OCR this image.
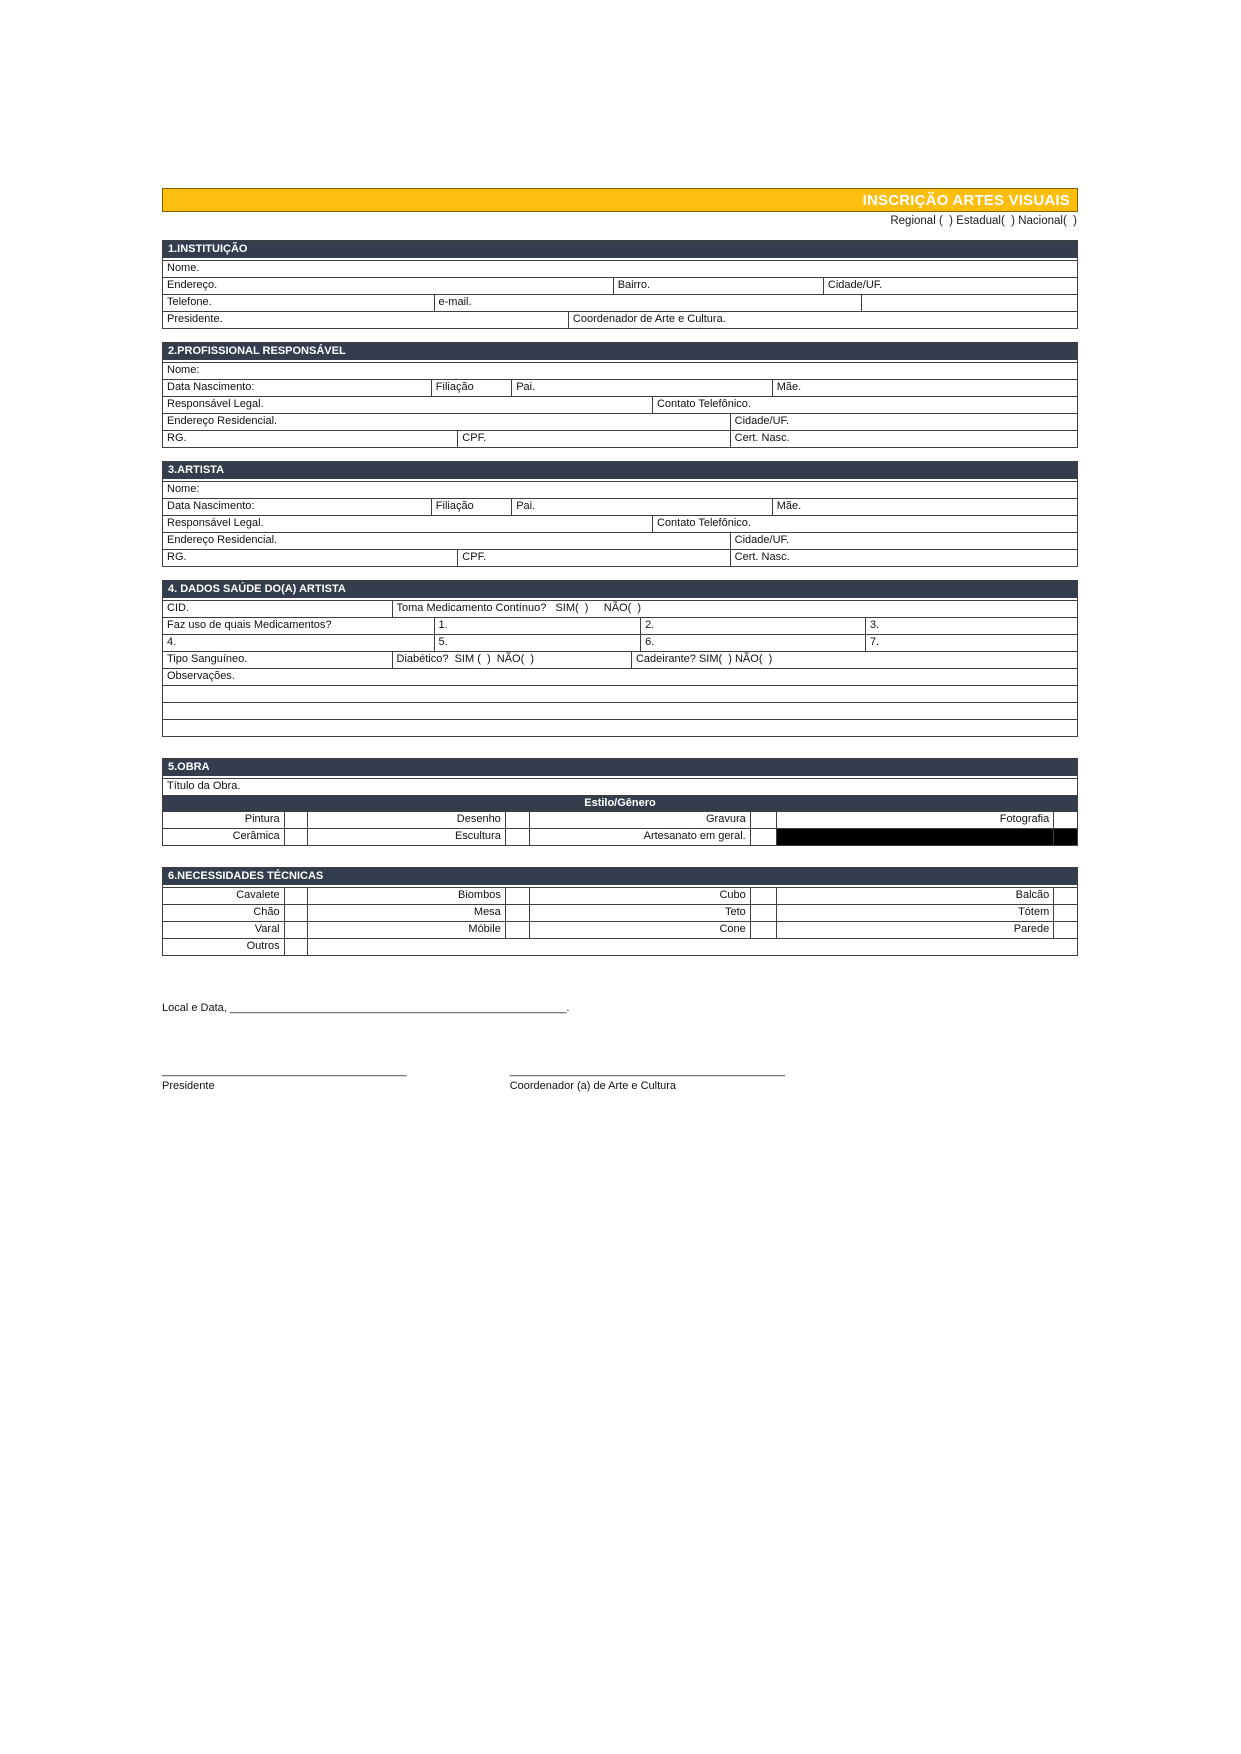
INSCRIÇÃO ARTES VISUAIS
Regional (  ) Estadual(  ) Nacional(  )
1.INSTITUIÇÃO
Nome.
Endereço.	Bairro.	Cidade/UF.
Telefone.	e-mail.
Presidente.	Coordenador de Arte e Cultura.
2.PROFISSIONAL RESPONSÁVEL
Nome:
Data Nascimento:	Filiação	Pai.	Mãe.
Responsável Legal.	Contato Telefônico.
Endereço Residencial.	Cidade/UF.
RG.	CPF.	Cert. Nasc.
3.ARTISTA
Nome:
Data Nascimento:	Filiação	Pai.	Mãe.
Responsável Legal.	Contato Telefônico.
Endereço Residencial.	Cidade/UF.
RG.	CPF.	Cert. Nasc.
4. DADOS SAÚDE DO(A) ARTISTA
CID.	Toma Medicamento Contínuo?   SIM(  )     NÃO(  )
Faz uso de quais Medicamentos?	1.	2.	3.
4.	5.	6.	7.
Tipo Sanguíneo.	Diabético?  SIM (  )  NÃO(  )	Cadeirante? SIM(  ) NÃO(  )
Observações.
5.OBRA
Título da Obra.
Estilo/Gênero
Pintura	Desenho	Gravura	Fotografia
Cerâmica	Escultura	Artesanato em geral.
6.NECESSIDADES TÉCNICAS
Cavalete	Biombos	Cubo	Balcão
Chão	Mesa	Teto	Tótem
Varal	Móbile	Cone	Parede
Outros
Local e Data, _______________________________________________________.
________________________________________
Presidente
_____________________________________________
Coordenador (a) de Arte e Cultura
